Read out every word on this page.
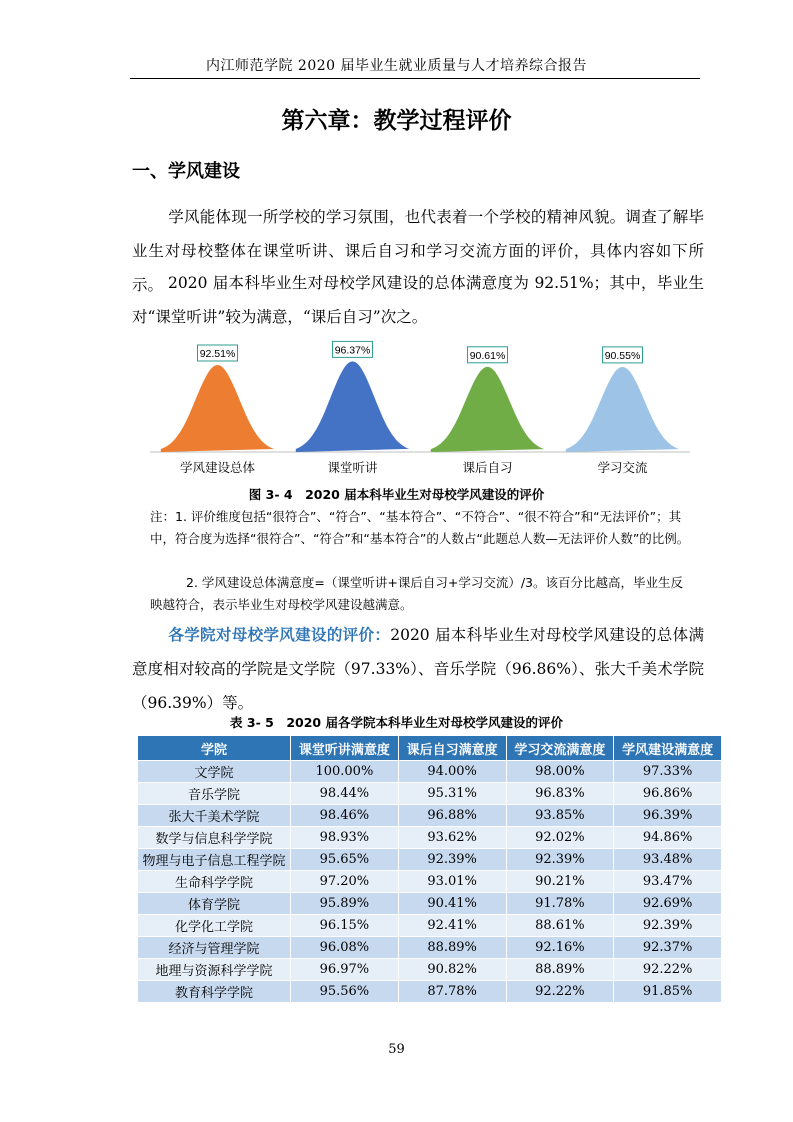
内江师范学院 2020 届毕业生就业质量与人才培养综合报告
第六章：教学过程评价
一、学风建设
学风能体现一所学校的学习氛围，也代表着一个学校的精神风貌。调查了解毕业生对母校整体在课堂听讲、课后自习和学习交流方面的评价，具体内容如下所示。 2020 届本科毕业生对母校学风建设的总体满意度为 92.51%；其中，毕业生对“课堂听讲”较为满意，“课后自习”次之。
92.51%
学风建设总体
96.37%
课堂听讲
90.61%
课后自习
90.55%
学习交流
图 3- 4　2020 届本科毕业生对母校学风建设的评价
注：1. 评价维度包括“很符合”、“符合”、“基本符合”、“不符合”、“很不符合”和“无法评价”；其中，符合度为选择“很符合”、“符合”和“基本符合”的人数占“此题总人数—无法评价人数”的比例。
2. 学风建设总体满意度=（课堂听讲+课后自习+学习交流）/3。该百分比越高，毕业生反映越符合，表示毕业生对母校学风建设越满意。
各学院对母校学风建设的评价：2020 届本科毕业生对母校学风建设的总体满意度相对较高的学院是文学院（97.33%）、音乐学院（96.86%）、张大千美术学院（96.39%）等。
表 3- 5　2020 届各学院本科毕业生对母校学风建设的评价
学院	课堂听讲满意度	课后自习满意度	学习交流满意度	学风建设满意度
文学院	100.00%	94.00%	98.00%	97.33%
音乐学院	98.44%	95.31%	96.83%	96.86%
张大千美术学院	98.46%	96.88%	93.85%	96.39%
数学与信息科学学院	98.93%	93.62%	92.02%	94.86%
物理与电子信息工程学院	95.65%	92.39%	92.39%	93.48%
生命科学学院	97.20%	93.01%	90.21%	93.47%
体育学院	95.89%	90.41%	91.78%	92.69%
化学化工学院	96.15%	92.41%	88.61%	92.39%
经济与管理学院	96.08%	88.89%	92.16%	92.37%
地理与资源科学学院	96.97%	90.82%	88.89%	92.22%
教育科学学院	95.56%	87.78%	92.22%	91.85%
59
